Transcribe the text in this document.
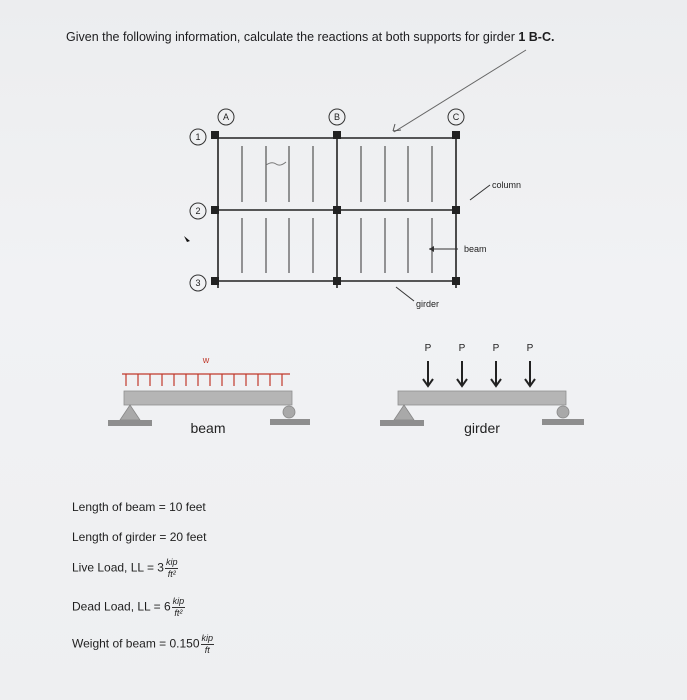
Given the following information, calculate the reactions at both supports for girder 1 B-C.
A	B	C
1
2
3
column
beam
girder
w
beam
P	P	P	P
girder
Length of beam = 10 feet
Length of girder = 20 feet
Live Load, LL = $3 \frac{\text{kip}}{\text{ft²}}$
Dead Load, LL = $6 \frac{\text{kip}}{\text{ft²}}$
Weight of beam = $0.150 \frac{\text{kip}}{ft}$
